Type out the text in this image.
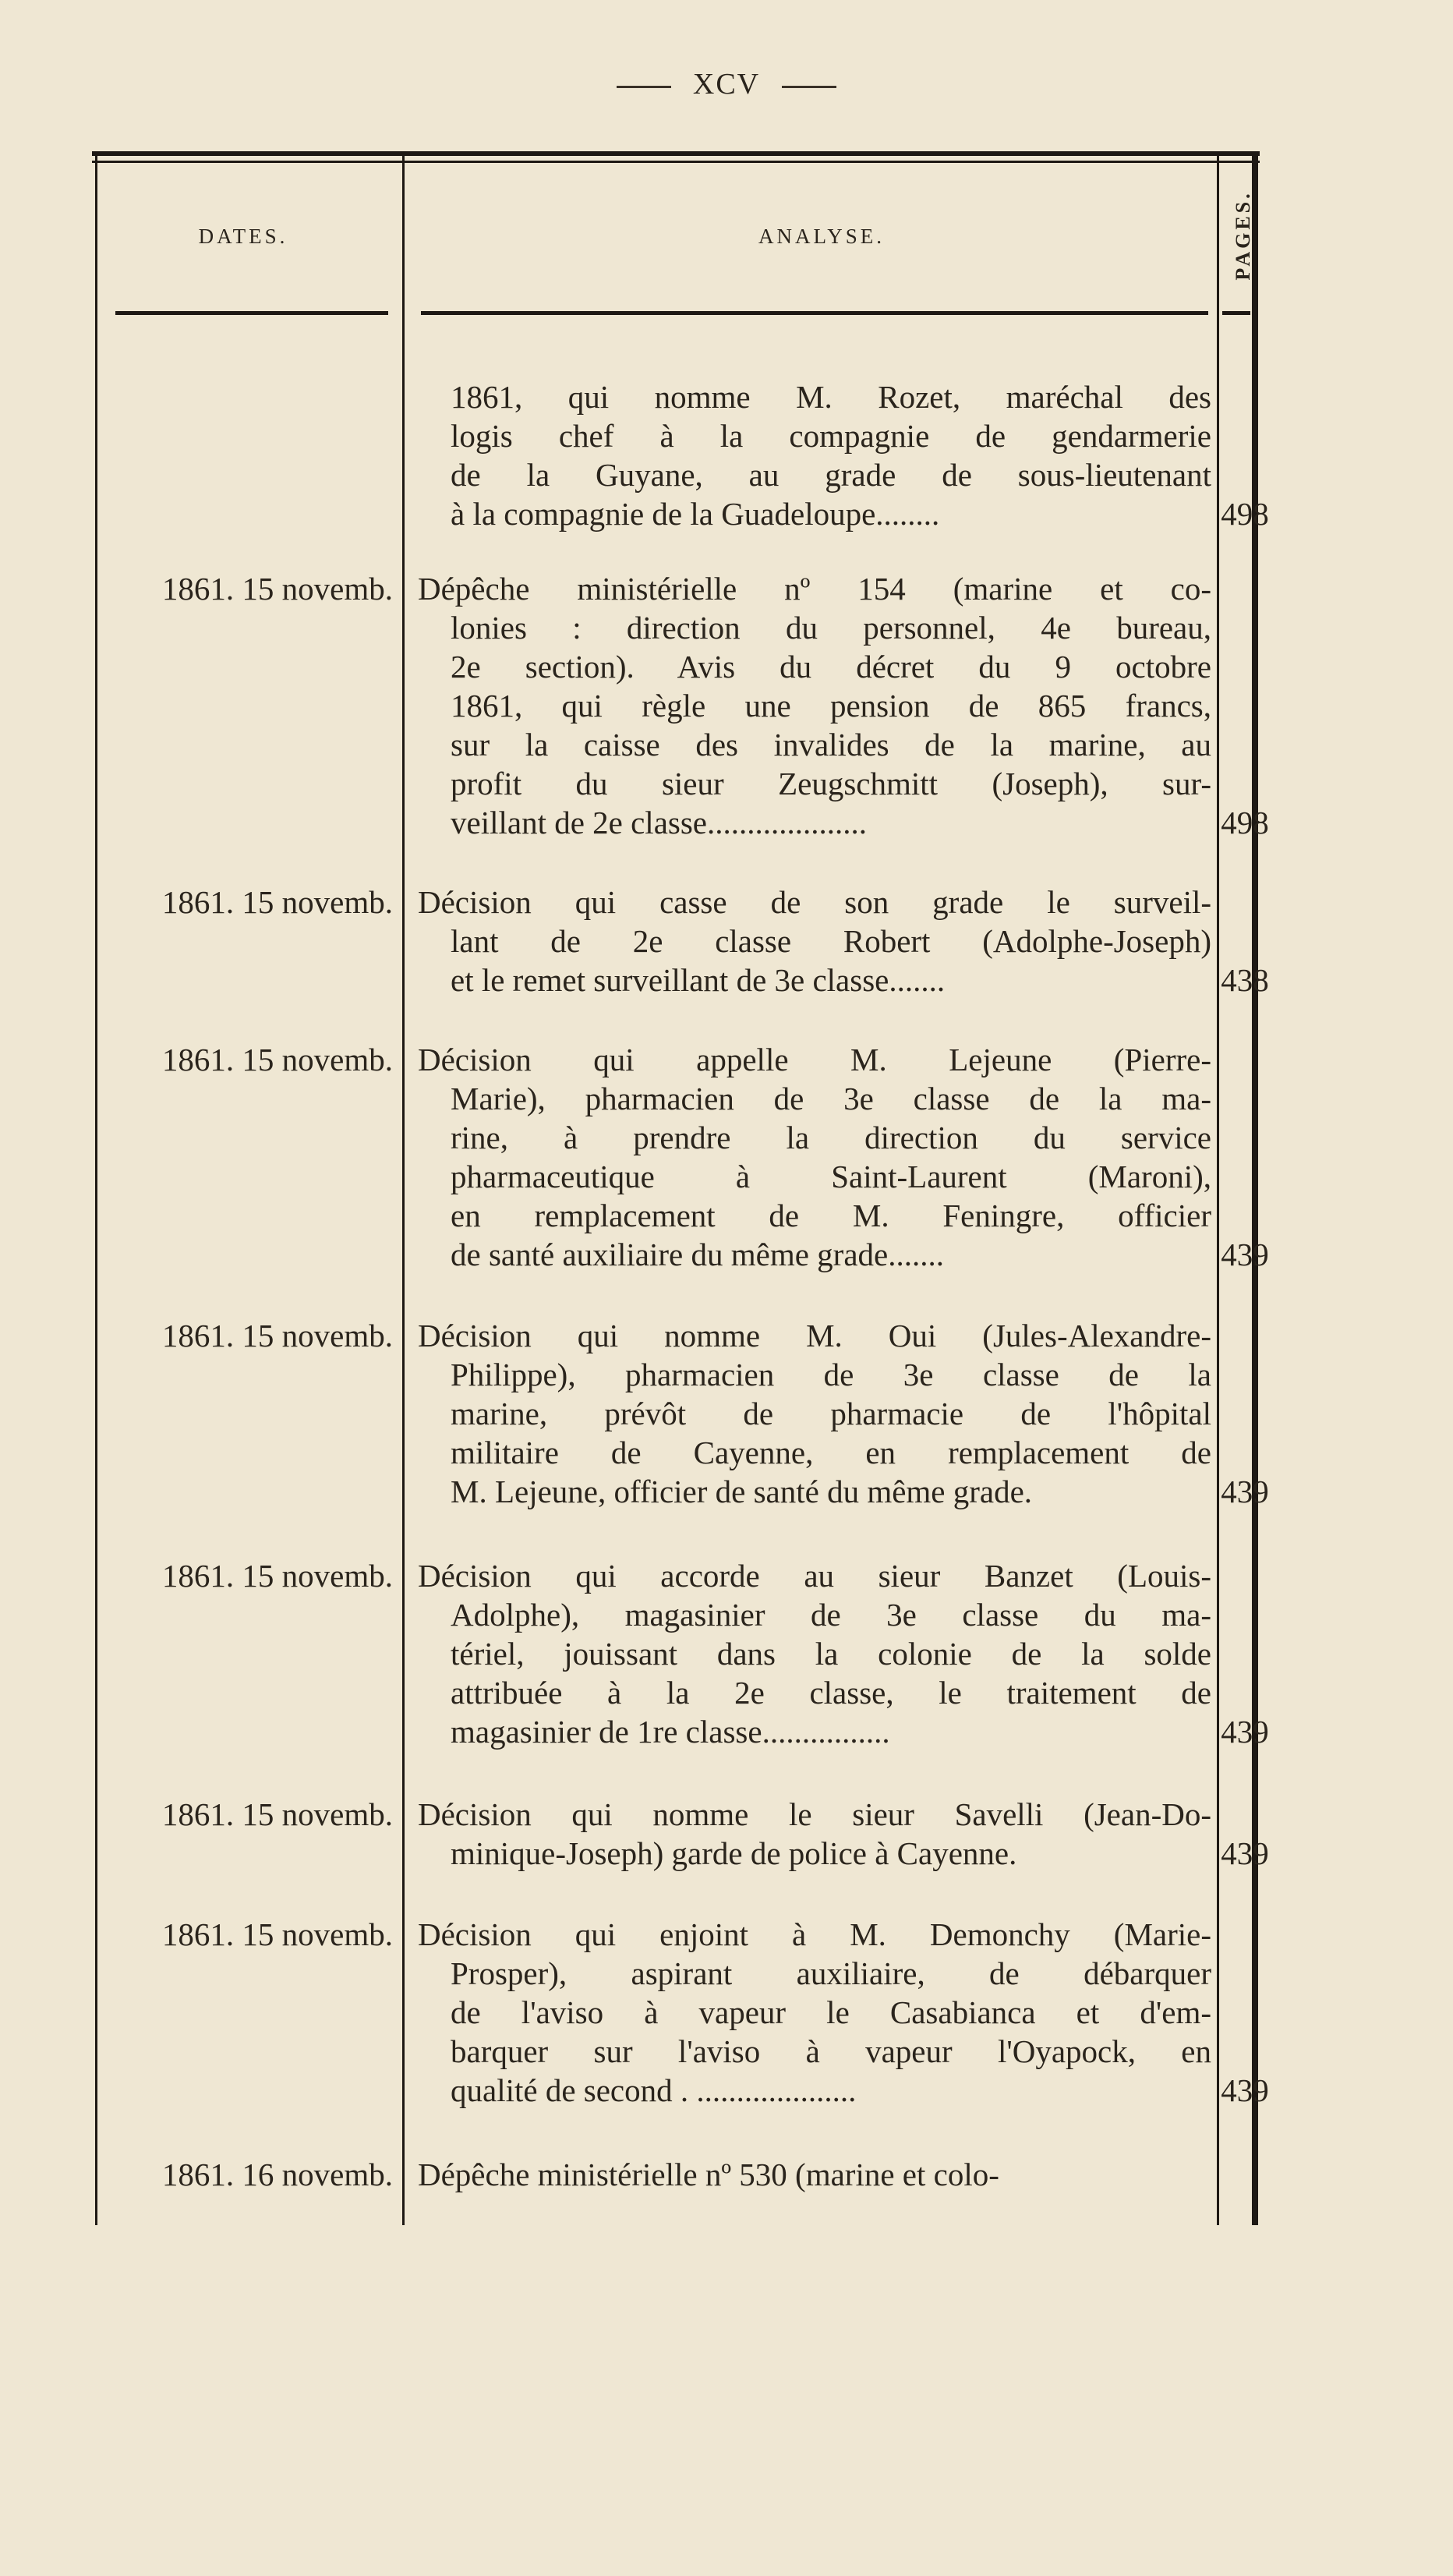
XCV
DATES.	ANALYSE.	PAGES.
1861, qui nomme M. Rozet, maréchal des
logis chef à la compagnie de gendarmerie
de la Guyane, au grade de sous-lieutenant
à la compagnie de la Guadeloupe........	498
1861. 15 novemb. Dépêche ministérielle nº 154 (marine et co-
lonies : direction du personnel, 4e bureau,
2e section). Avis du décret du 9 octobre
1861, qui règle une pension de 865 francs,
sur la caisse des invalides de la marine, au
profit du sieur Zeugschmitt (Joseph), sur-
veillant de 2e classe....................	498
1861. 15 novemb. Décision qui casse de son grade le surveil-
lant de 2e classe Robert (Adolphe-Joseph)
et le remet surveillant de 3e classe.......	438
1861. 15 novemb. Décision qui appelle M. Lejeune (Pierre-
Marie), pharmacien de 3e classe de la ma-
rine, à prendre la direction du service
pharmaceutique à Saint-Laurent (Maroni),
en remplacement de M. Feningre, officier
de santé auxiliaire du même grade.......	439
1861. 15 novemb. Décision qui nomme M. Oui (Jules-Alexandre-
Philippe), pharmacien de 3e classe de la
marine, prévôt de pharmacie de l'hôpital
militaire de Cayenne, en remplacement de
M. Lejeune, officier de santé du même grade.	439
1861. 15 novemb. Décision qui accorde au sieur Banzet (Louis-
Adolphe), magasinier de 3e classe du ma-
tériel, jouissant dans la colonie de la solde
attribuée à la 2e classe, le traitement de
magasinier de 1re classe................	439
1861. 15 novemb. Décision qui nomme le sieur Savelli (Jean-Do-
minique-Joseph) garde de police à Cayenne.	439
1861. 15 novemb. Décision qui enjoint à M. Demonchy (Marie-
Prosper), aspirant auxiliaire, de débarquer
de l'aviso à vapeur le Casabianca et d'em-
barquer sur l'aviso à vapeur l'Oyapock, en
qualité de second . ....................	439
1861. 16 novemb. Dépêche ministérielle nº 530 (marine et colo-
